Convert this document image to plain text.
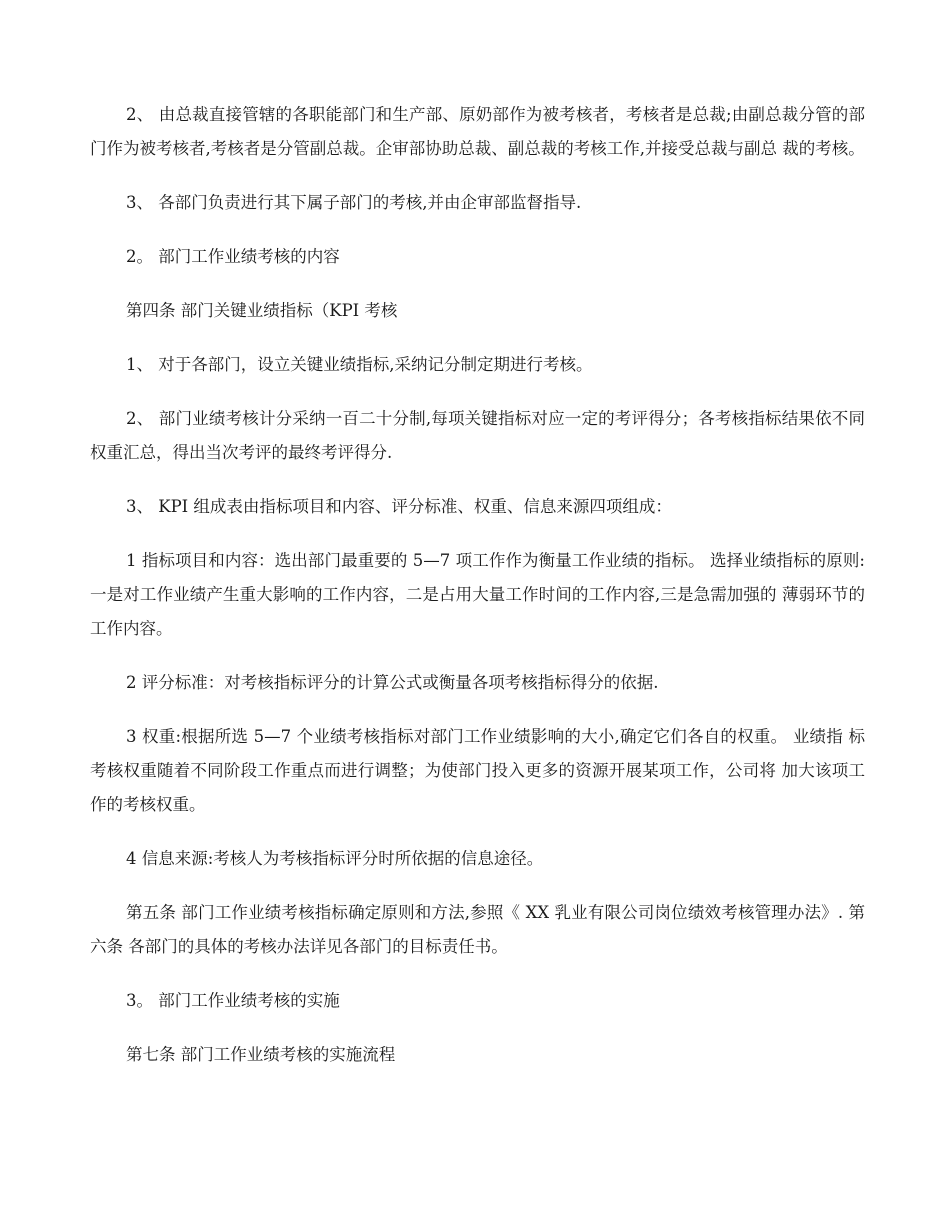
2、 由总裁直接管辖的各职能部门和生产部、原奶部作为被考核者，考核者是总裁;由副总裁分管的部 门作为被考核者,考核者是分管副总裁。企审部协助总裁、副总裁的考核工作,并接受总裁与副总 裁的考核。

3、 各部门负责进行其下属子部门的考核,并由企审部监督指导.

2。 部门工作业绩考核的内容

第四条 部门关键业绩指标（KPI 考核

1、 对于各部门，设立关键业绩指标,采纳记分制定期进行考核。

2、 部门业绩考核计分采纳一百二十分制,每项关键指标对应一定的考评得分；各考核指标结果依不同 权重汇总，得出当次考评的最终考评得分.

3、 KPI 组成表由指标项目和内容、评分标准、权重、信息来源四项组成：

1 指标项目和内容：选出部门最重要的 5—7 项工作作为衡量工作业绩的指标。 选择业绩指标的原则:一是对工作业绩产生重大影响的工作内容，二是占用大量工作时间的工作内容,三是急需加强的 薄弱环节的工作内容。

2 评分标准：对考核指标评分的计算公式或衡量各项考核指标得分的依据.

3 权重:根据所选 5—7 个业绩考核指标对部门工作业绩影响的大小,确定它们各自的权重。 业绩指 标考核权重随着不同阶段工作重点而进行调整；为使部门投入更多的资源开展某项工作，公司将 加大该项工作的考核权重。

4 信息来源:考核人为考核指标评分时所依据的信息途径。

第五条 部门工作业绩考核指标确定原则和方法,参照《 XX 乳业有限公司岗位绩效考核管理办法》. 第六条 各部门的具体的考核办法详见各部门的目标责任书。

3。 部门工作业绩考核的实施

第七条 部门工作业绩考核的实施流程
